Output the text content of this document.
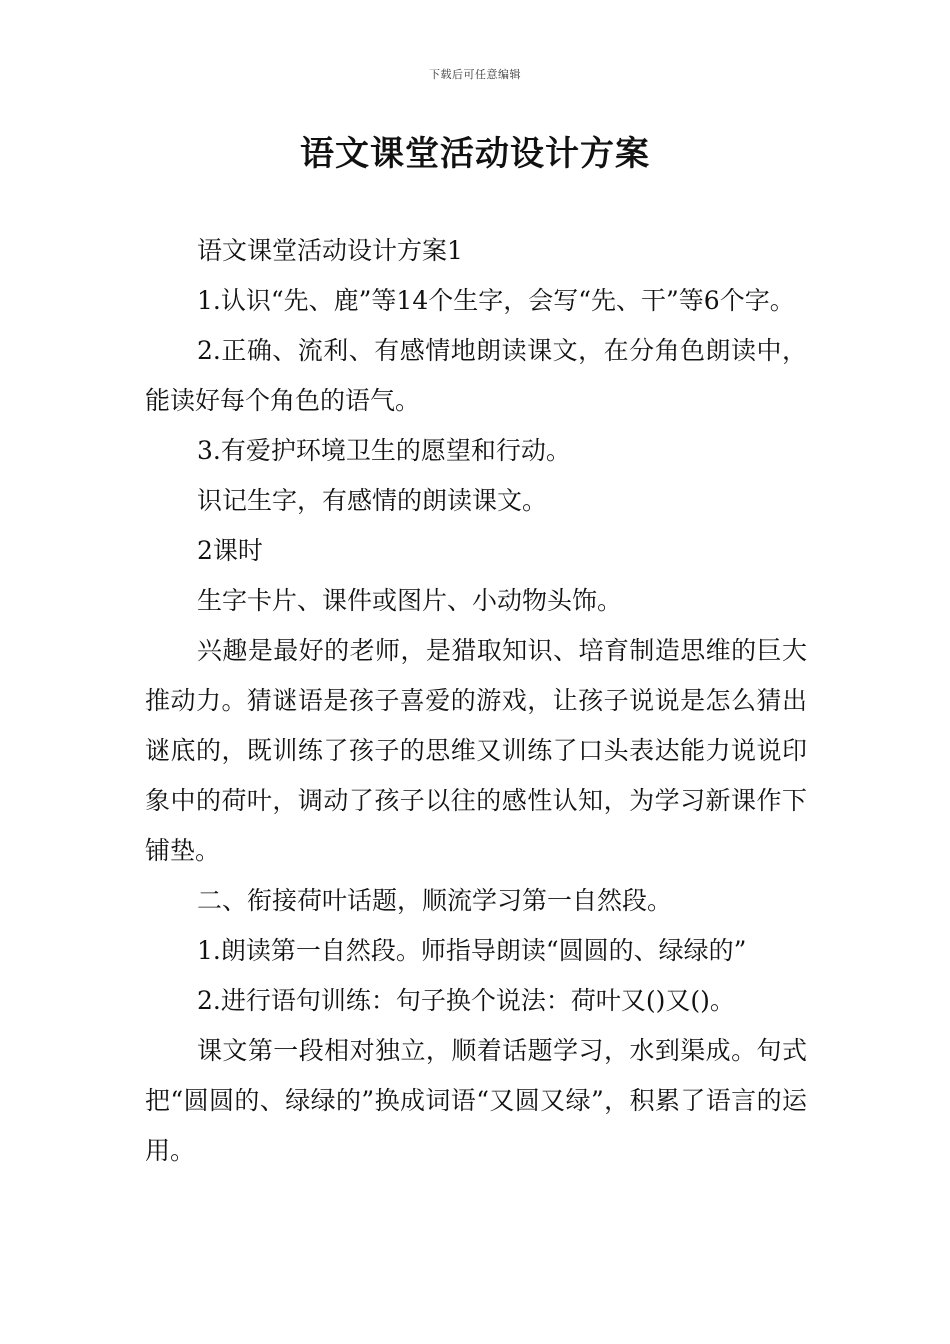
下载后可任意编辑
语文课堂活动设计方案

语文课堂活动设计方案1

1.认识“先、鹿”等14个生字，会写“先、干”等6个字。

2.正确、流利、有感情地朗读课文，在分角色朗读中，能读好每个角色的语气。

3.有爱护环境卫生的愿望和行动。

识记生字，有感情的朗读课文。

2课时

生字卡片、课件或图片、小动物头饰。

兴趣是最好的老师，是猎取知识、培育制造思维的巨大推动力。猜谜语是孩子喜爱的游戏，让孩子说说是怎么猜出谜底的，既训练了孩子的思维又训练了口头表达能力说说印象中的荷叶，调动了孩子以往的感性认知，为学习新课作下铺垫。

二、衔接荷叶话题，顺流学习第一自然段。

1.朗读第一自然段。师指导朗读“圆圆的、绿绿的”

2.进行语句训练：句子换个说法：荷叶又()又()。

课文第一段相对独立，顺着话题学习，水到渠成。句式把“圆圆的、绿绿的”换成词语“又圆又绿”，积累了语言的运用。
